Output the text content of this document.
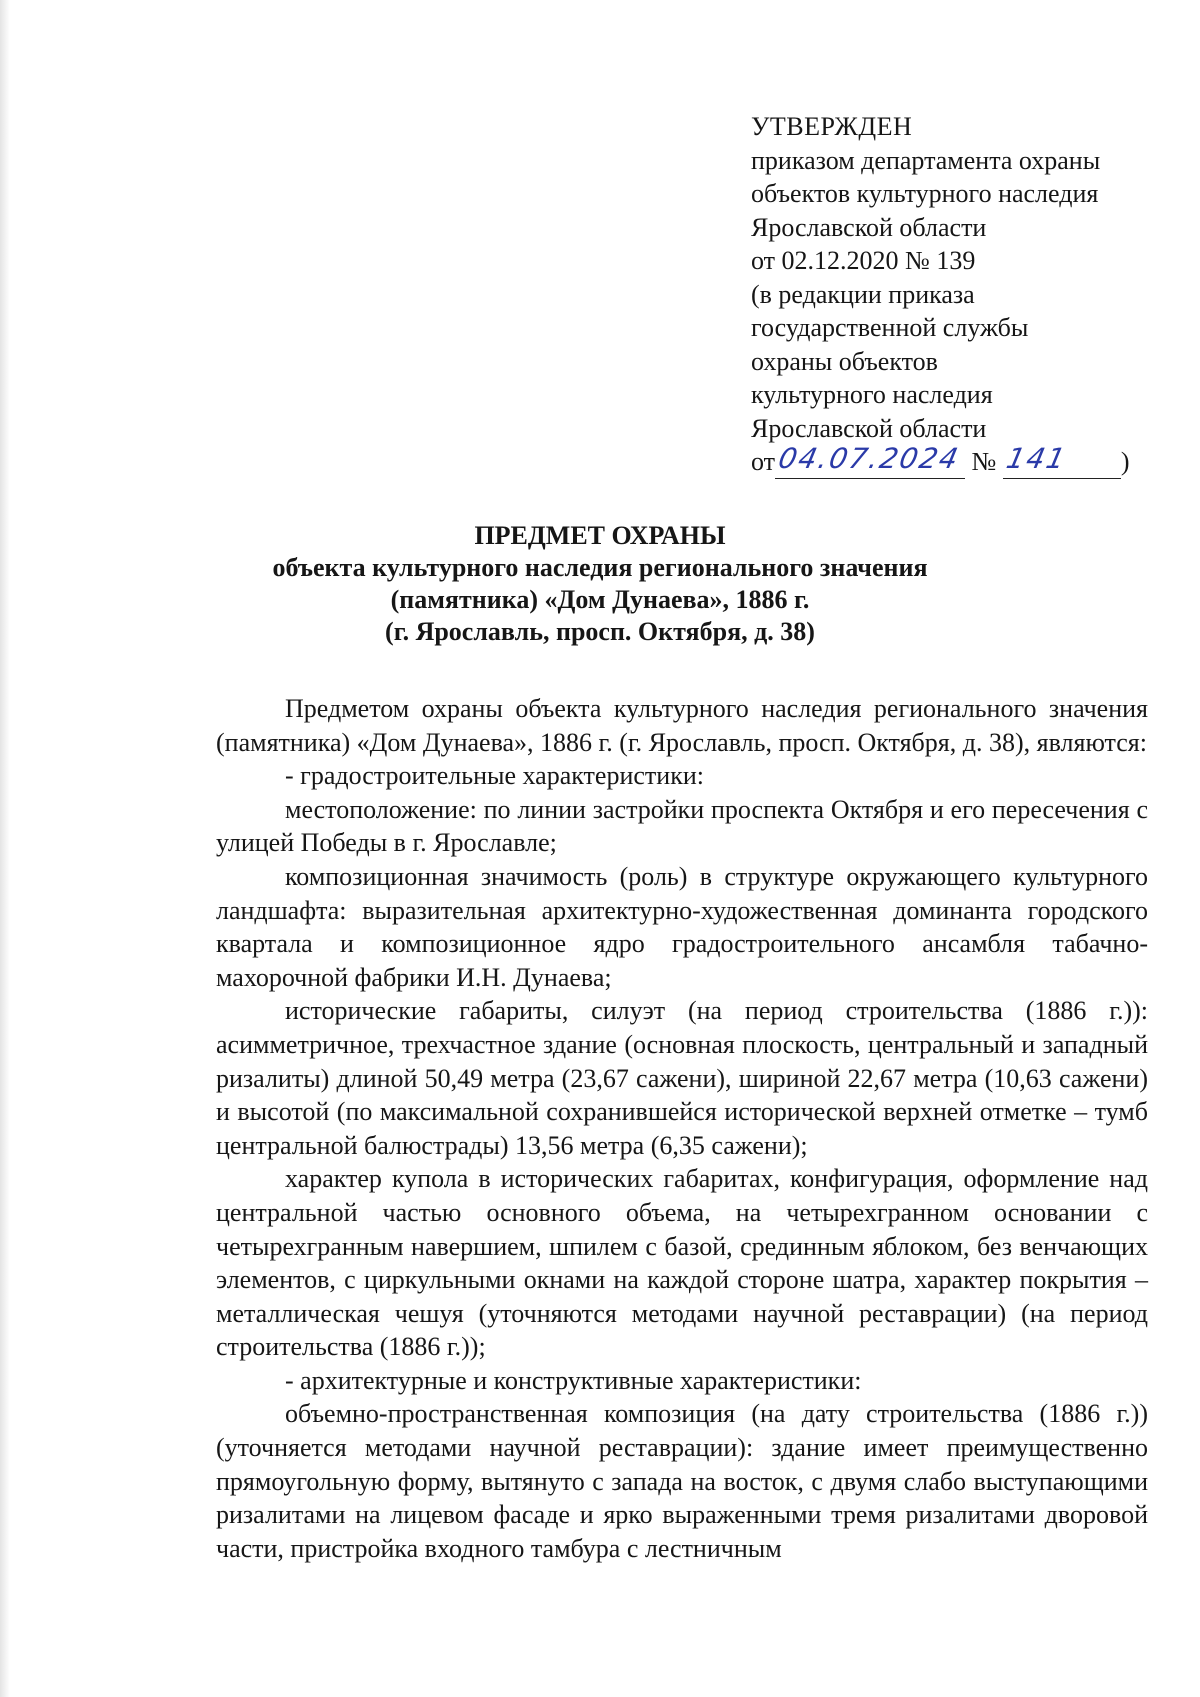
УТВЕРЖДЕН
приказом департамента охраны
объектов культурного наследия
Ярославской области
от 02.12.2020 № 139
(в редакции приказа
государственной службы
охраны объектов
культурного наследия
Ярославской области
от 04.07.2024 № 141 )
ПРЕДМЕТ ОХРАНЫ
объекта культурного наследия регионального значения
(памятника) «Дом Дунаева», 1886 г.
(г. Ярославль, просп. Октября, д. 38)

Предметом охраны объекта культурного наследия регионального значения (памятника) «Дом Дунаева», 1886 г. (г. Ярославль, просп. Октября, д. 38), являются:

- градостроительные характеристики:

местоположение: по линии застройки проспекта Октября и его пересечения с улицей Победы в г. Ярославле;

композиционная значимость (роль) в структуре окружающего культурного ландшафта: выразительная архитектурно-художественная доминанта городского квартала и композиционное ядро градостроительного ансамбля табачно-махорочной фабрики И.Н. Дунаева;

исторические габариты, силуэт (на период строительства (1886 г.)): асимметричное, трехчастное здание (основная плоскость, центральный и западный ризалиты) длиной 50,49 метра (23,67 сажени), шириной 22,67 метра (10,63 сажени) и высотой (по максимальной сохранившейся исторической верхней отметке – тумб центральной балюстрады) 13,56 метра (6,35 сажени);

характер купола в исторических габаритах, конфигурация, оформление над центральной частью основного объема, на четырехгранном основании с четырехгранным навершием, шпилем с базой, срединным яблоком, без венчающих элементов, с циркульными окнами на каждой стороне шатра, характер покрытия – металлическая чешуя (уточняются методами научной реставрации) (на период строительства (1886 г.));

- архитектурные и конструктивные характеристики:

объемно-пространственная композиция (на дату строительства (1886 г.)) (уточняется методами научной реставрации): здание имеет преимущественно прямоугольную форму, вытянуто с запада на восток, с двумя слабо выступающими ризалитами на лицевом фасаде и ярко выраженными тремя ризалитами дворовой части, пристройка входного тамбура с лестничным
